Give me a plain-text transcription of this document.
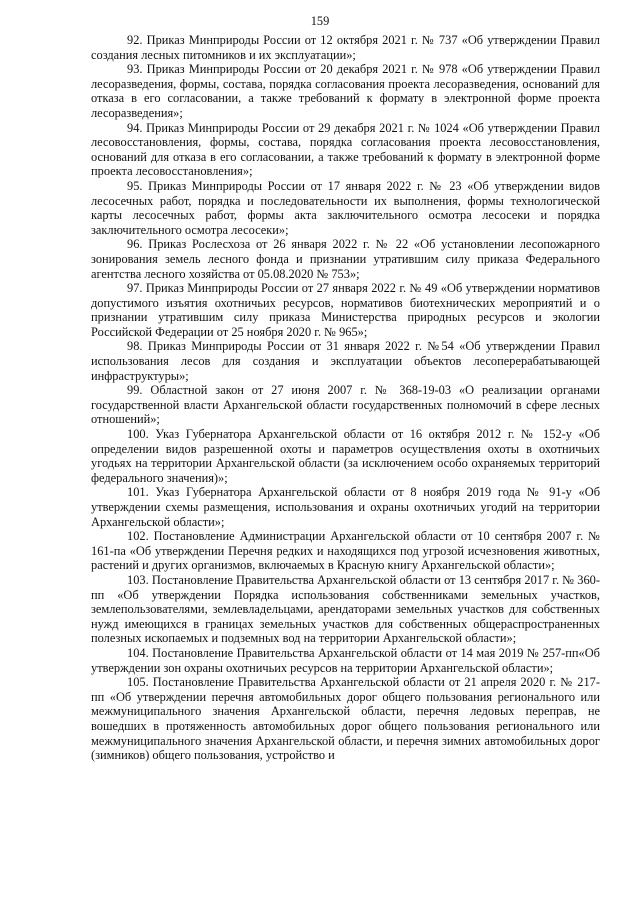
159

92. Приказ Минприроды России от 12 октября 2021 г. № 737 «Об утверждении Правил создания лесных питомников и их эксплуатации»;

93. Приказ Минприроды России от 20 декабря 2021 г. № 978 «Об утверждении Правил лесоразведения, формы, состава, порядка согласования проекта лесоразведения, оснований для отказа в его согласовании, а также требований к формату в электронной форме проекта лесоразведения»;

94. Приказ Минприроды России от 29 декабря 2021 г. № 1024 «Об утверждении Правил лесовосстановления, формы, состава, порядка согласования проекта лесовосстановления, оснований для отказа в его согласовании, а также требований к формату в электронной форме проекта лесовосстановления»;

95. Приказ Минприроды России от 17 января 2022 г. № 23 «Об утверждении видов лесосечных работ, порядка и последовательности их выполнения, формы технологической карты лесосечных работ, формы акта заключительного осмотра лесосеки и порядка заключительного осмотра лесосеки»;

96. Приказ Рослесхоза от 26 января 2022 г. № 22 «Об установлении лесопожарного зонирования земель лесного фонда и признании утратившим силу приказа Федерального агентства лесного хозяйства от 05.08.2020 № 753»;

97. Приказ Минприроды России от 27 января 2022 г. № 49 «Об утверждении нормативов допустимого изъятия охотничьих ресурсов, нормативов биотехнических мероприятий и о признании утратившим силу приказа Министерства природных ресурсов и экологии Российской Федерации от 25 ноября 2020 г. № 965»;

98. Приказ Минприроды России от 31 января 2022 г. №54 «Об утверждении Правил использования лесов для создания и эксплуатации объектов лесоперерабатывающей инфраструктуры»;

99. Областной закон от 27 июня 2007 г. № 368-19-03 «О реализации органами государственной власти Архангельской области государственных полномочий в сфере лесных отношений»;

100. Указ Губернатора Архангельской области от 16 октября 2012 г. № 152-у «Об определении видов разрешенной охоты и параметров осуществления охоты в охотничьих угодьях на территории Архангельской области (за исключением особо охраняемых территорий федерального значения)»;

101. Указ Губернатора Архангельской области от 8 ноября 2019 года № 91-у «Об утверждении схемы размещения, использования и охраны охотничьих угодий на территории Архангельской области»;

102. Постановление Администрации Архангельской области от 10 сентября 2007 г. № 161-па «Об утверждении Перечня редких и находящихся под угрозой исчезновения животных, растений и других организмов, включаемых в Красную книгу Архангельской области»;

103. Постановление Правительства Архангельской области от 13 сентября 2017 г. № 360-пп «Об утверждении Порядка использования собственниками земельных участков, землепользователями, землевладельцами, арендаторами земельных участков для собственных нужд имеющихся в границах земельных участков для собственных общераспространенных полезных ископаемых и подземных вод на территории Архангельской области»;

104. Постановление Правительства Архангельской области от 14 мая 2019 № 257-пп«Об утверждении зон охраны охотничьих ресурсов на территории Архангельской области»;

105. Постановление Правительства Архангельской области от 21 апреля 2020 г. № 217-пп «Об утверждении перечня автомобильных дорог общего пользования регионального или межмуниципального значения Архангельской области, перечня ледовых переправ, не вошедших в протяженность автомобильных дорог общего пользования регионального или межмуниципального значения Архангельской области, и перечня зимних автомобильных дорог (зимников) общего пользования, устройство и
